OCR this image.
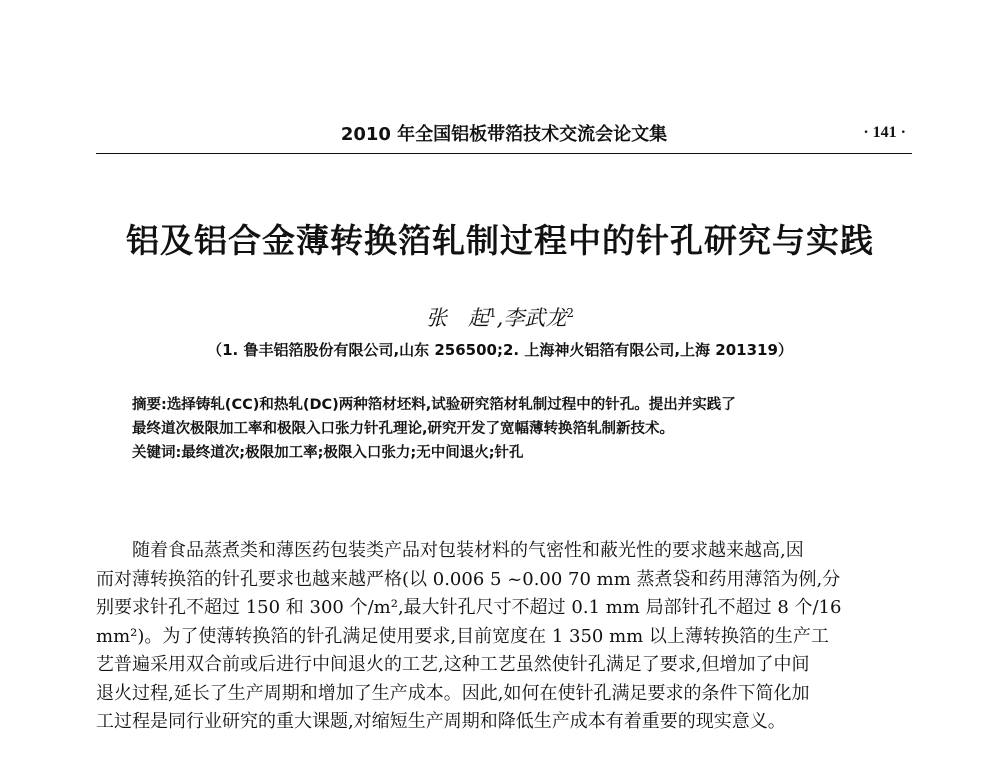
2010 年全国铝板带箔技术交流会论文集	· 141 ·
铝及铝合金薄转换箔轧制过程中的针孔研究与实践
张　起$^1$,李武龙$^2$
（1. 鲁丰铝箔股份有限公司,山东 256500;2. 上海神火铝箔有限公司,上海 201319）
摘要:选择铸轧(CC)和热轧(DC)两种箔材坯料,试验研究箔材轧制过程中的针孔。提出并实践了
最终道次极限加工率和极限入口张力针孔理论,研究开发了宽幅薄转换箔轧制新技术。
关键词:最终道次;极限加工率;极限入口张力;无中间退火;针孔
随着食品蒸煮类和薄医药包装类产品对包装材料的气密性和蔽光性的要求越来越高,因
而对薄转换箔的针孔要求也越来越严格(以 0.006 5 ~0.00 70 mm 蒸煮袋和药用薄箔为例,分
别要求针孔不超过 150 和 300 个/m²,最大针孔尺寸不超过 0.1 mm 局部针孔不超过 8 个/16
mm²)。为了使薄转换箔的针孔满足使用要求,目前宽度在 1 350 mm 以上薄转换箔的生产工
艺普遍采用双合前或后进行中间退火的工艺,这种工艺虽然使针孔满足了要求,但增加了中间
退火过程,延长了生产周期和增加了生产成本。因此,如何在使针孔满足要求的条件下简化加
工过程是同行业研究的重大课题,对缩短生产周期和降低生产成本有着重要的现实意义。
